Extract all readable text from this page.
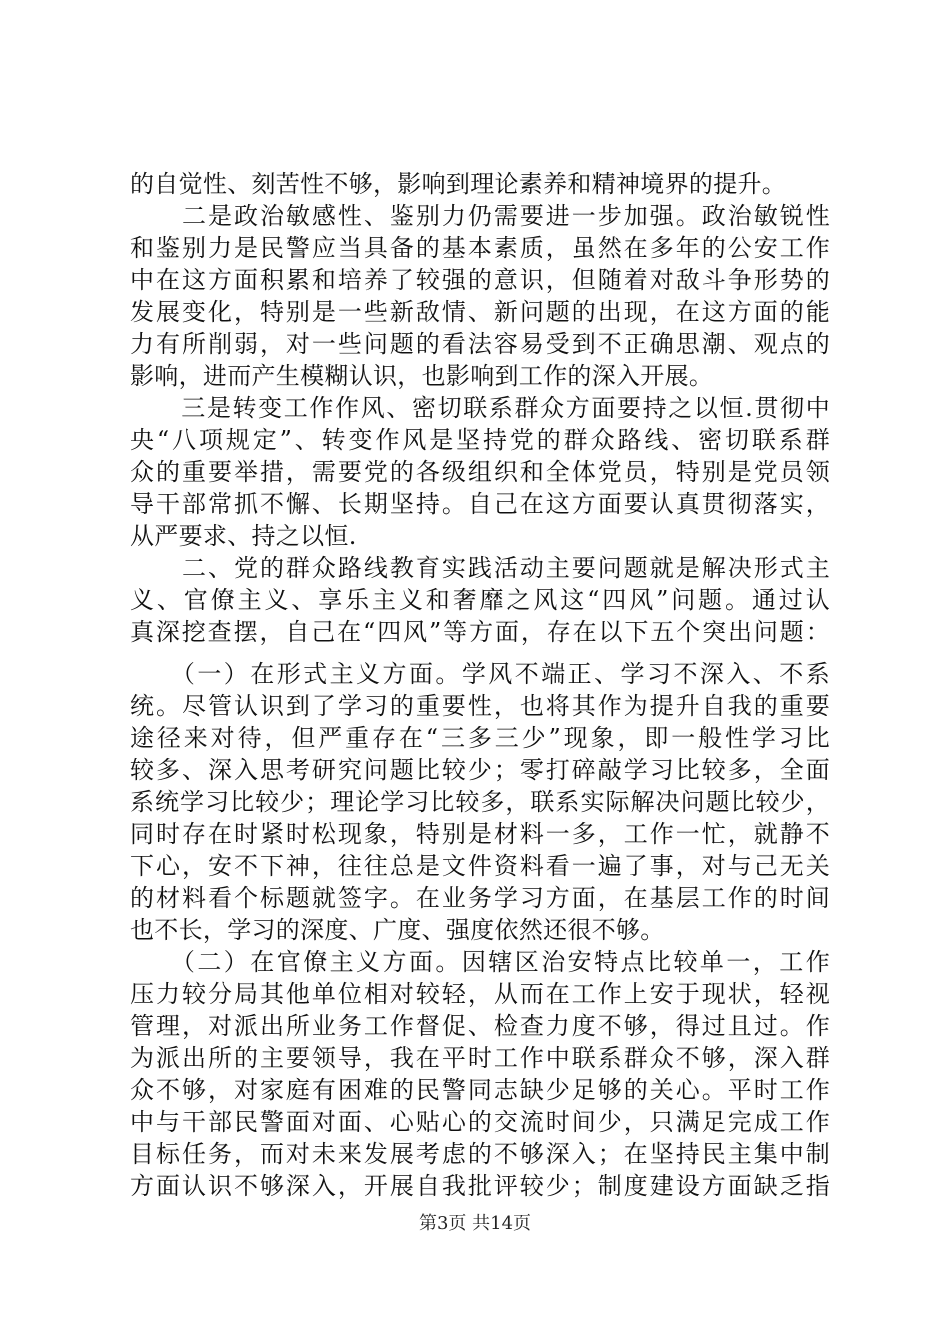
的自觉性、刻苦性不够，影响到理论素养和精神境界的提升。
　　二是政治敏感性、鉴别力仍需要进一步加强。政治敏锐性
和鉴别力是民警应当具备的基本素质，虽然在多年的公安工作
中在这方面积累和培养了较强的意识，但随着对敌斗争形势的
发展变化，特别是一些新敌情、新问题的出现，在这方面的能
力有所削弱，对一些问题的看法容易受到不正确思潮、观点的
影响，进而产生模糊认识，也影响到工作的深入开展。
　　三是转变工作作风、密切联系群众方面要持之以恒.贯彻中
央“八项规定”、转变作风是坚持党的群众路线、密切联系群
众的重要举措，需要党的各级组织和全体党员，特别是党员领
导干部常抓不懈、长期坚持。自己在这方面要认真贯彻落实，
从严要求、持之以恒.
　　二、党的群众路线教育实践活动主要问题就是解决形式主
义、官僚主义、享乐主义和奢靡之风这“四风”问题。通过认
真深挖查摆，自己在“四风”等方面，存在以下五个突出问题：
　　（一）在形式主义方面。学风不端正、学习不深入、不系
统。尽管认识到了学习的重要性，也将其作为提升自我的重要
途径来对待，但严重存在“三多三少”现象，即一般性学习比
较多、深入思考研究问题比较少；零打碎敲学习比较多，全面
系统学习比较少；理论学习比较多，联系实际解决问题比较少，
同时存在时紧时松现象，特别是材料一多，工作一忙，就静不
下心，安不下神，往往总是文件资料看一遍了事，对与己无关
的材料看个标题就签字。在业务学习方面，在基层工作的时间
也不长，学习的深度、广度、强度依然还很不够。
　　（二）在官僚主义方面。因辖区治安特点比较单一，工作
压力较分局其他单位相对较轻，从而在工作上安于现状，轻视
管理，对派出所业务工作督促、检查力度不够，得过且过。作
为派出所的主要领导，我在平时工作中联系群众不够，深入群
众不够，对家庭有困难的民警同志缺少足够的关心。平时工作
中与干部民警面对面、心贴心的交流时间少，只满足完成工作
目标任务，而对未来发展考虑的不够深入；在坚持民主集中制
方面认识不够深入，开展自我批评较少；制度建设方面缺乏指
第3页 共14页
